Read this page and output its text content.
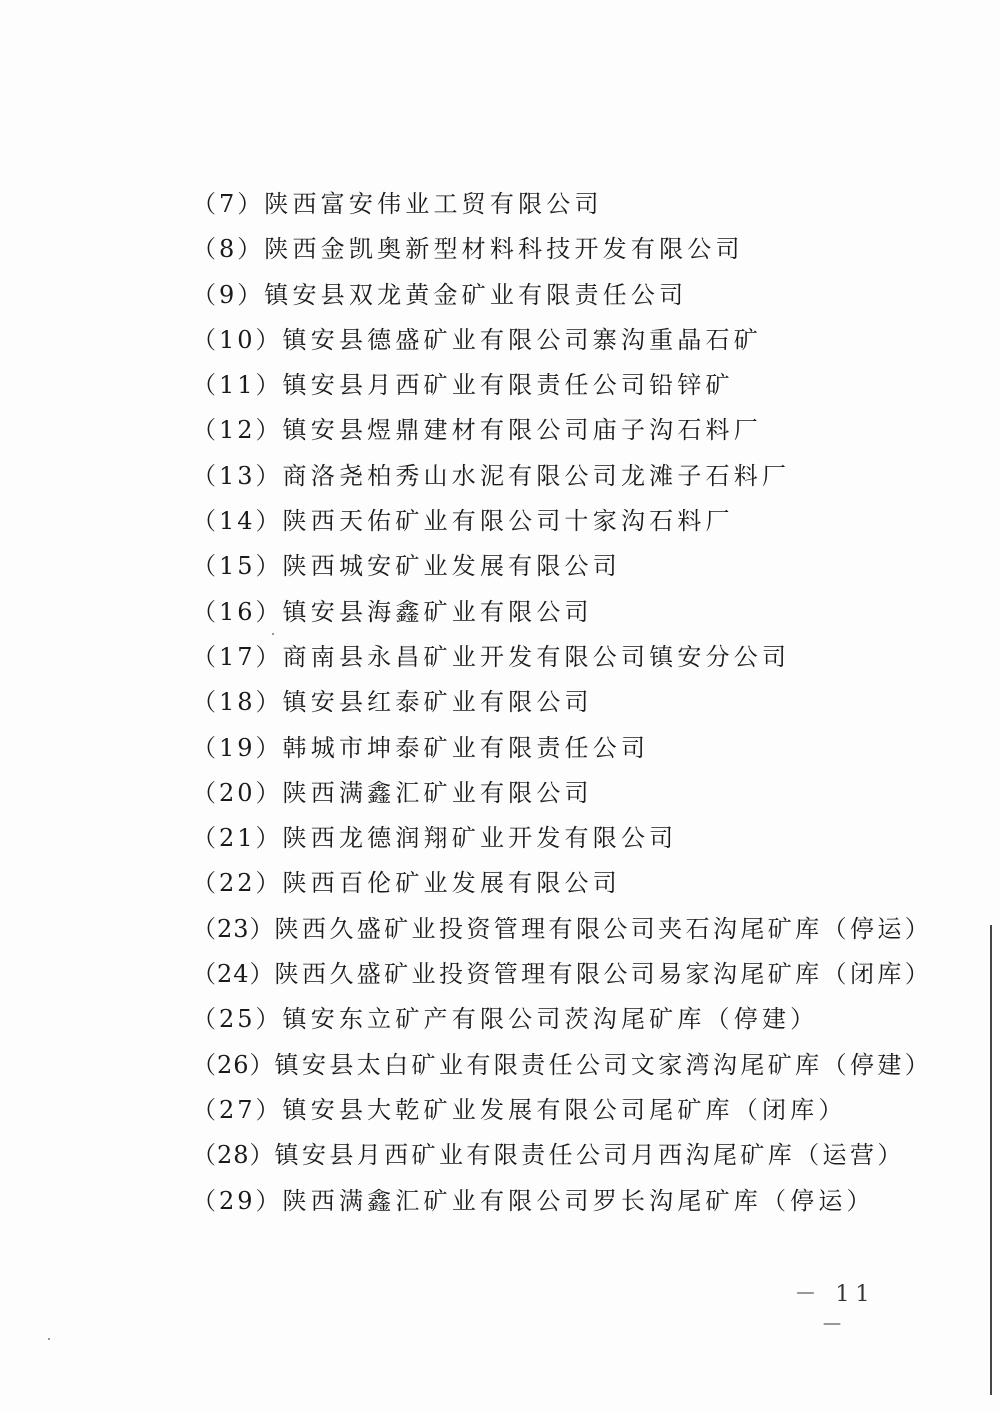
（7）陕西富安伟业工贸有限公司
（8）陕西金凯奥新型材料科技开发有限公司
（9）镇安县双龙黄金矿业有限责任公司
（10）镇安县德盛矿业有限公司寨沟重晶石矿
（11）镇安县月西矿业有限责任公司铅锌矿
（12）镇安县煜鼎建材有限公司庙子沟石料厂
（13）商洛尧柏秀山水泥有限公司龙滩子石料厂
（14）陕西天佑矿业有限公司十家沟石料厂
（15）陕西城安矿业发展有限公司
（16）镇安县海鑫矿业有限公司
（17）商南县永昌矿业开发有限公司镇安分公司
（18）镇安县红泰矿业有限公司
（19）韩城市坤泰矿业有限责任公司
（20）陕西满鑫汇矿业有限公司
（21）陕西龙德润翔矿业开发有限公司
（22）陕西百伦矿业发展有限公司
（23）陕西久盛矿业投资管理有限公司夹石沟尾矿库（停运）
（24）陕西久盛矿业投资管理有限公司易家沟尾矿库（闭库）
（25）镇安东立矿产有限公司茨沟尾矿库（停建）
（26）镇安县太白矿业有限责任公司文家湾沟尾矿库（停建）
（27）镇安县大乾矿业发展有限公司尾矿库（闭库）
（28）镇安县月西矿业有限责任公司月西沟尾矿库（运营）
（29）陕西满鑫汇矿业有限公司罗长沟尾矿库（停运）
－ 11 －
